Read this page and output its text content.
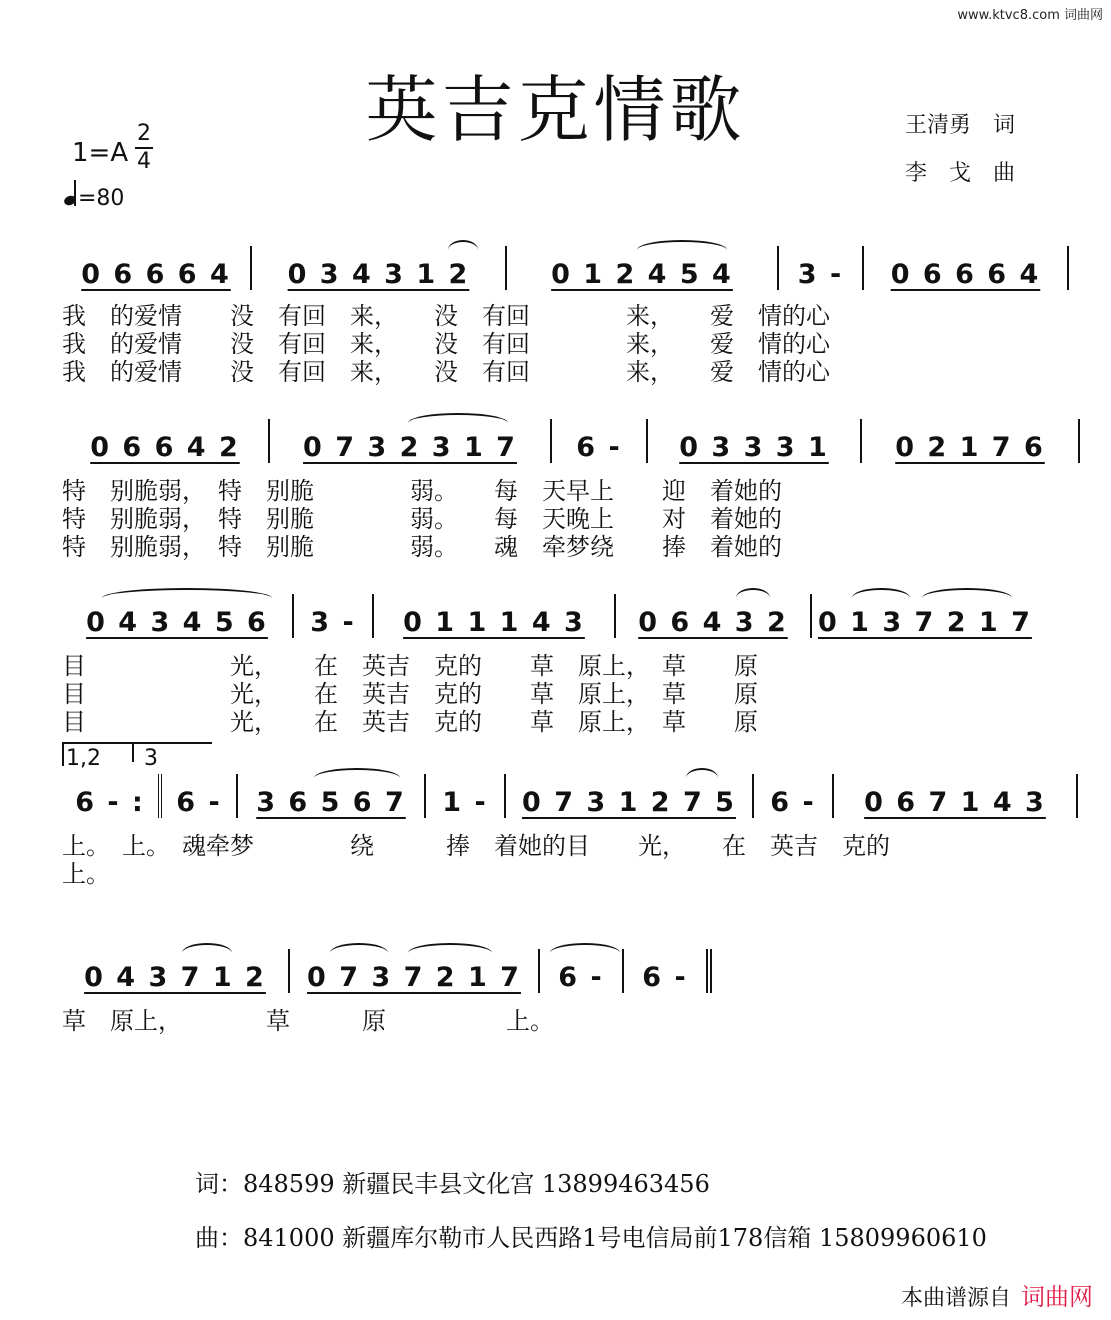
www.ktvc8.com 词曲网
英吉克情歌	王清勇　词
李　戈　曲
1=A
2
4
=80
0 6 6 6 4 0 3 4 3 1 2	0 1 2 4 5 4 3 - 0 6 6 6 4
我　的爱情　　没　有回　来，　　没　有回　　　　来，　　爱　情的心
我　的爱情　　没　有回　来，　　没　有回　　　　来，　　爱　情的心
我　的爱情　　没　有回　来，　　没　有回　　　　来，　　爱　情的心
0 6 6 4 2 0 7 3 2 3 1 7 6 - 0 3 3 3 1 0 2 1 7 6
特　别脆弱，　特　别脆　　　　弱。　　每　天早上　　迎　着她的
特　别脆弱，　特　别脆　　　　弱。　　每　天晚上　　对　着她的
特　别脆弱，　特　别脆　　　　弱。　　魂　牵梦绕　　捧　着她的
0 4 3 4 5 6 3 - 0 1 1 1 4 3 0 6 4 3 2 0 1 3 7 2 1 7
目　　　　　　光，　　在　英吉　克的　　草　原上，　草　　原
目　　　　　　光，　　在　英吉　克的　　草　原上，　草　　原
目　　　　　　光，　　在　英吉　克的　　草　原上，　草　　原
1,2 3
6 - : 6 - 3 6 5 6 7 1 - 0 7 3 1 2 7 5 6 - 0 6 7 1 4 3
上。　上。　魂牵梦　　　　绕　　　捧　着她的目　　光，　　在　英吉　克的
上。
0 4 3 7 1 2 0 7 3 7 2 1 7 6 - 6 -
草　原上，　　　　草　　　原　　　　　上。
词：848599 新疆民丰县文化宫 13899463456
曲：841000 新疆库尔勒市人民西路1号电信局前178信箱 15809960610
本曲谱源自 词曲网
